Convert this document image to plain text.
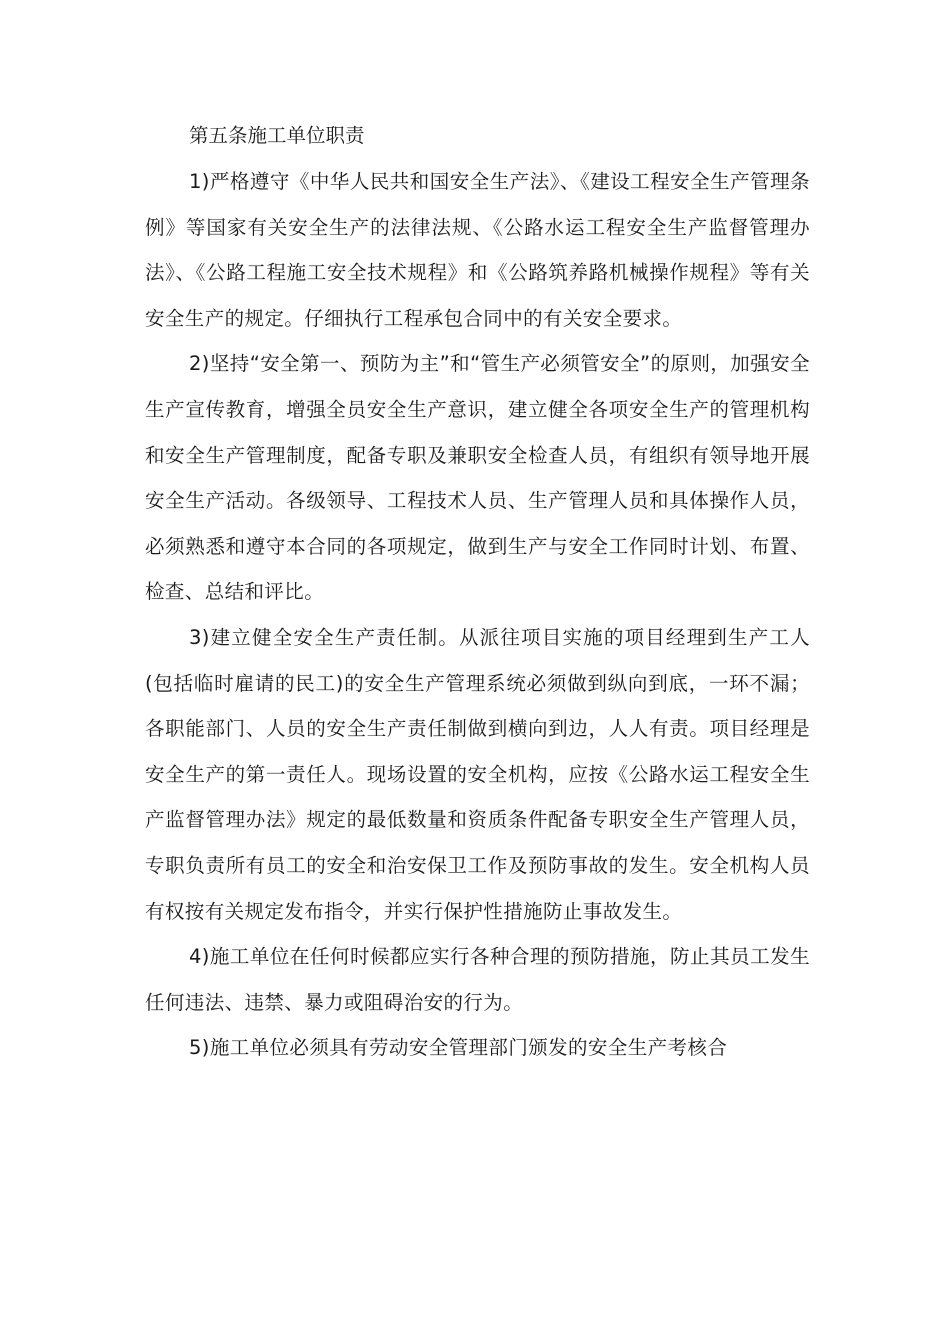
第五条施工单位职责

1)严格遵守《中华人民共和国安全生产法》、《建设工程安全生产管理条例》等国家有关安全生产的法律法规、《公路水运工程安全生产监督管理办法》、《公路工程施工安全技术规程》和《公路筑养路机械操作规程》等有关安全生产的规定。仔细执行工程承包合同中的有关安全要求。

2)坚持“安全第一、预防为主”和“管生产必须管安全”的原则，加强安全生产宣传教育，增强全员安全生产意识，建立健全各项安全生产的管理机构和安全生产管理制度，配备专职及兼职安全检查人员，有组织有领导地开展安全生产活动。各级领导、工程技术人员、生产管理人员和具体操作人员，必须熟悉和遵守本合同的各项规定，做到生产与安全工作同时计划、布置、检查、总结和评比。

3)建立健全安全生产责任制。从派往项目实施的项目经理到生产工人(包括临时雇请的民工)的安全生产管理系统必须做到纵向到底，一环不漏；各职能部门、人员的安全生产责任制做到横向到边，人人有责。项目经理是安全生产的第一责任人。现场设置的安全机构，应按《公路水运工程安全生产监督管理办法》规定的最低数量和资质条件配备专职安全生产管理人员，专职负责所有员工的安全和治安保卫工作及预防事故的发生。安全机构人员有权按有关规定发布指令，并实行保护性措施防止事故发生。

4)施工单位在任何时候都应实行各种合理的预防措施，防止其员工发生任何违法、违禁、暴力或阻碍治安的行为。

5)施工单位必须具有劳动安全管理部门颁发的安全生产考核合
